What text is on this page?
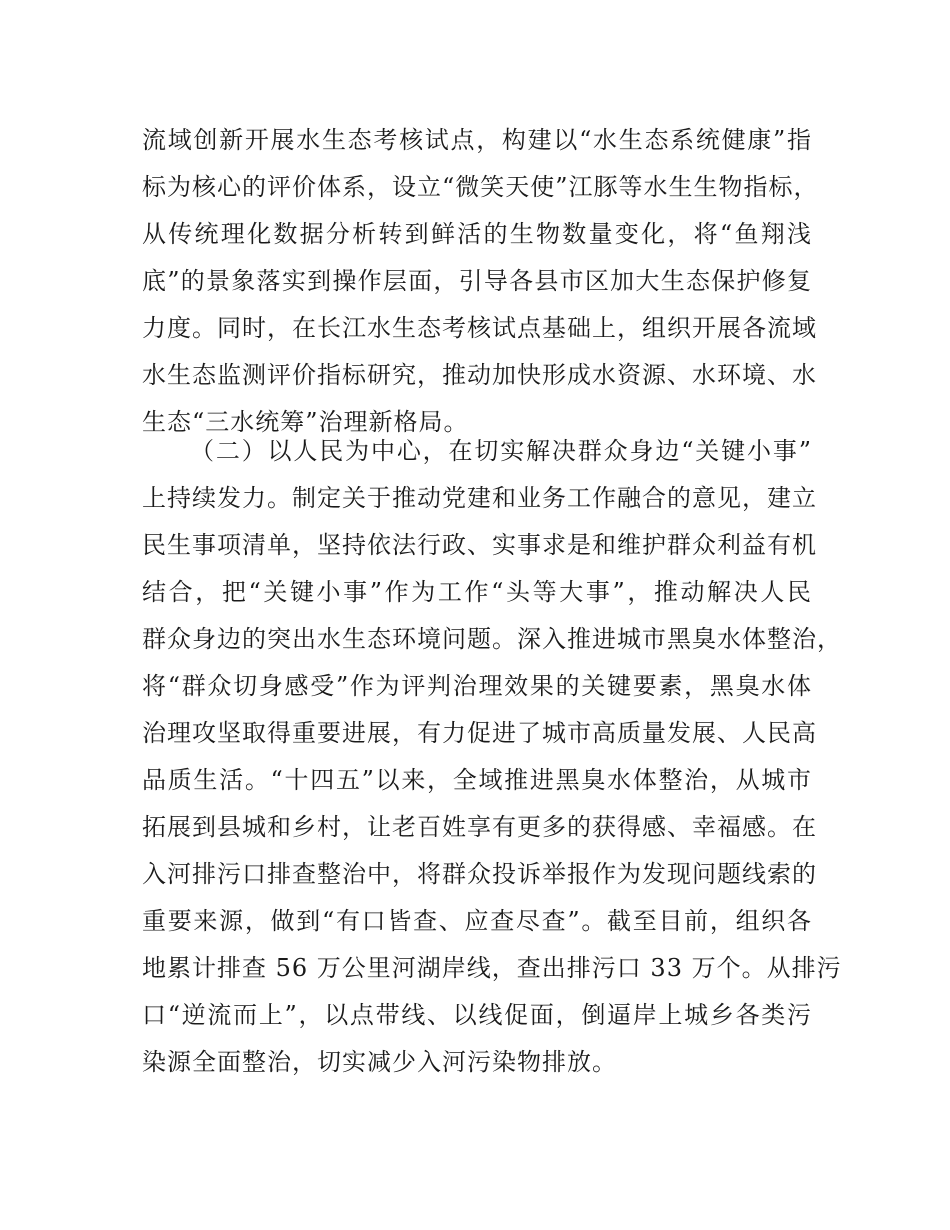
流域创新开展水生态考核试点，构建以“水生态系统健康”指
标为核心的评价体系，设立“微笑天使”江豚等水生生物指标，
从传统理化数据分析转到鲜活的生物数量变化，将“鱼翔浅
底”的景象落实到操作层面，引导各县市区加大生态保护修复
力度。同时，在长江水生态考核试点基础上，组织开展各流域
水生态监测评价指标研究，推动加快形成水资源、水环境、水
生态“三水统筹”治理新格局。
（二）以人民为中心，在切实解决群众身边“关键小事”
上持续发力。制定关于推动党建和业务工作融合的意见，建立
民生事项清单，坚持依法行政、实事求是和维护群众利益有机
结合，把“关键小事”作为工作“头等大事”，推动解决人民
群众身边的突出水生态环境问题。深入推进城市黑臭水体整治，
将“群众切身感受”作为评判治理效果的关键要素，黑臭水体
治理攻坚取得重要进展，有力促进了城市高质量发展、人民高
品质生活。“十四五”以来，全域推进黑臭水体整治，从城市
拓展到县城和乡村，让老百姓享有更多的获得感、幸福感。在
入河排污口排查整治中，将群众投诉举报作为发现问题线索的
重要来源，做到“有口皆查、应查尽查”。截至目前，组织各
地累计排查 56 万公里河湖岸线，查出排污口 33 万个。从排污
口“逆流而上”，以点带线、以线促面，倒逼岸上城乡各类污
染源全面整治，切实减少入河污染物排放。
